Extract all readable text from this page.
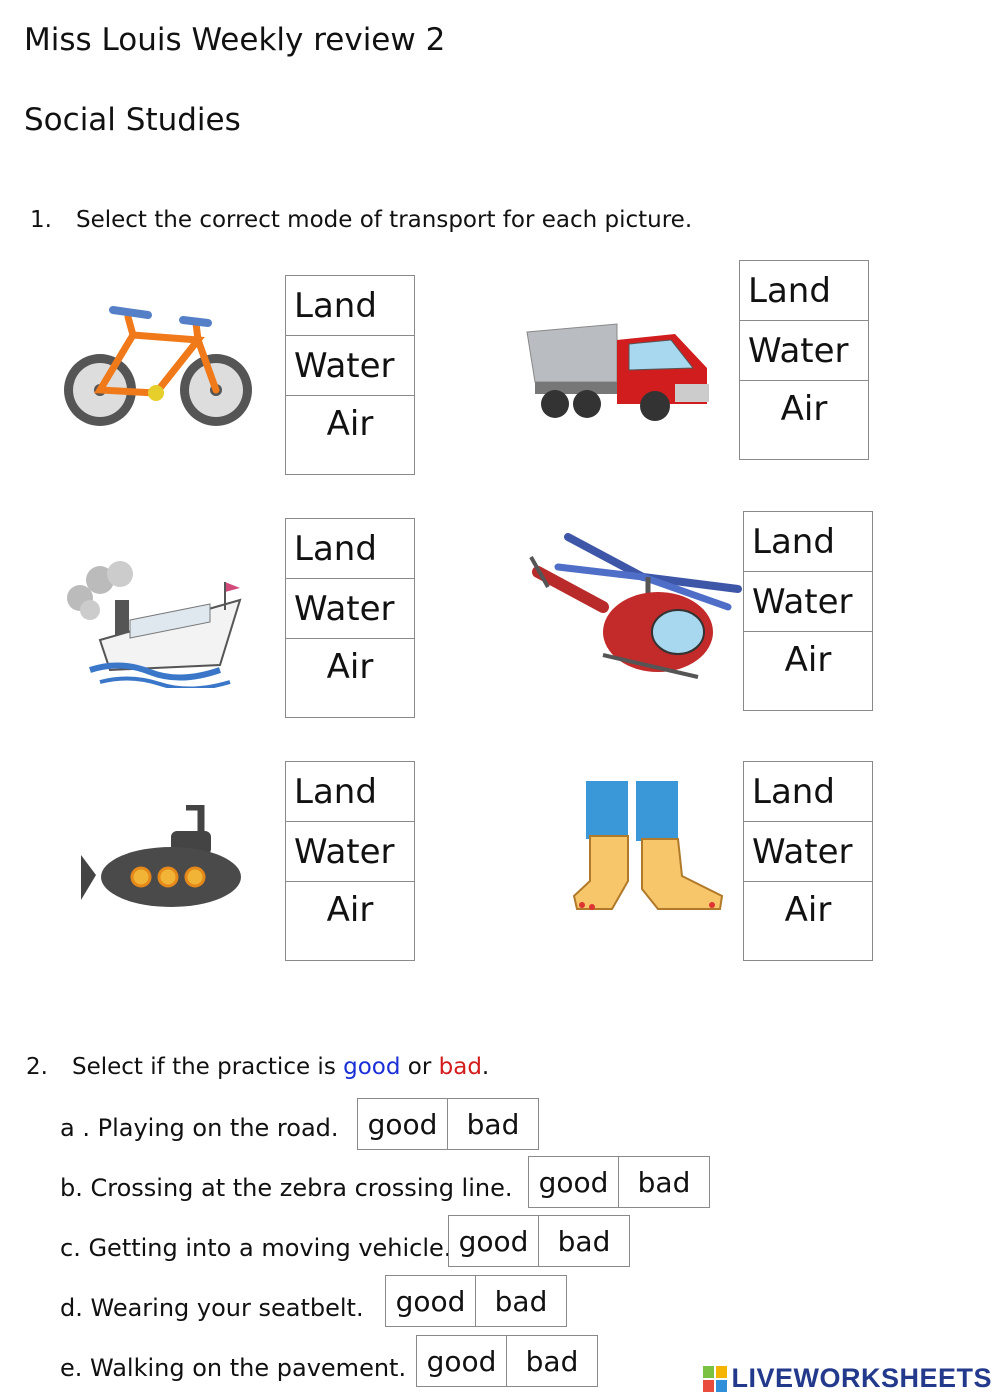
Miss Louis Weekly review 2
Social Studies
1. Select the correct mode of transport for each picture.
Land
Water
Air
Land
Water
Air
Land
Water
Air
Land
Water
Air
Land
Water
Air
Land
Water
Air
2. Select if the practice is good or bad.
a . Playing on the road.	good	bad
b. Crossing at the zebra crossing line. good	bad
c. Getting into a moving vehicle. good	bad
d. Wearing your seatbelt.	good	bad
e. Walking on the pavement. good	bad
LIVEWORKSHEETS
